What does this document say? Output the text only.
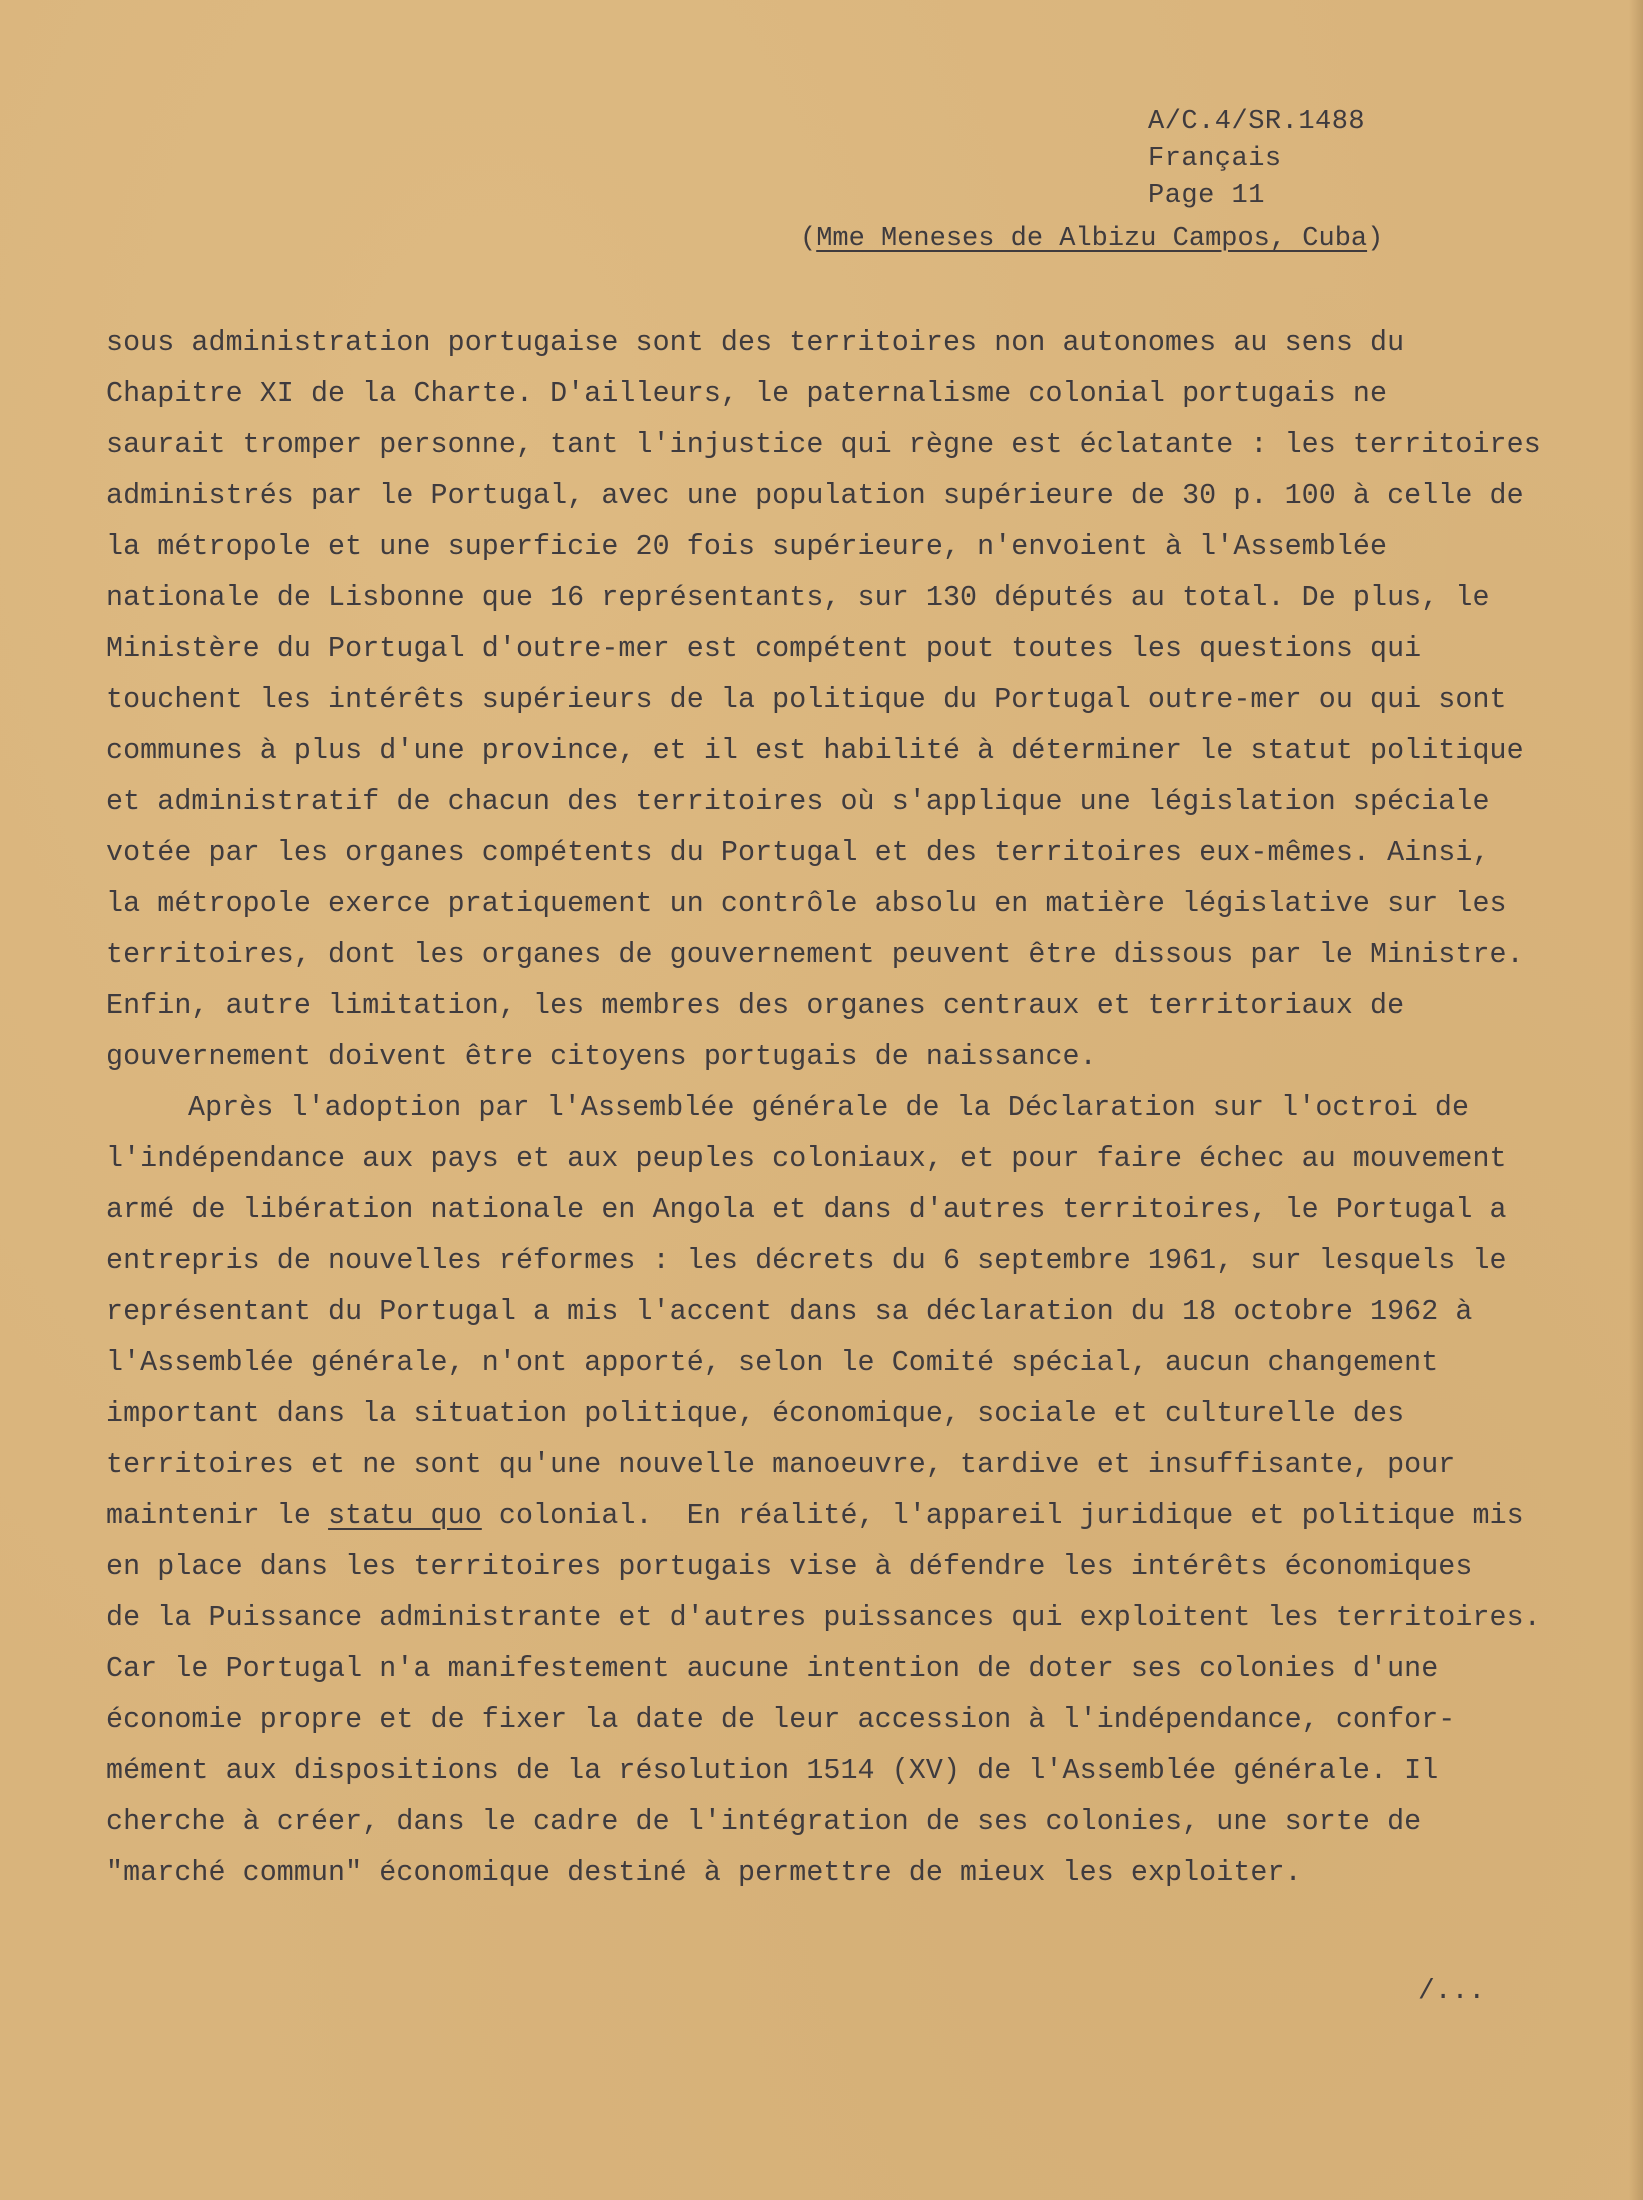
A/C.4/SR.1488
Français
Page 11
(Mme Meneses de Albizu Campos, Cuba)
sous administration portugaise sont des territoires non autonomes au sens du
Chapitre XI de la Charte. D'ailleurs, le paternalisme colonial portugais ne
saurait tromper personne, tant l'injustice qui règne est éclatante : les territoires
administrés par le Portugal, avec une population supérieure de 30 p. 100 à celle de
la métropole et une superficie 20 fois supérieure, n'envoient à l'Assemblée
nationale de Lisbonne que 16 représentants, sur 130 députés au total. De plus, le
Ministère du Portugal d'outre-mer est compétent pout toutes les questions qui
touchent les intérêts supérieurs de la politique du Portugal outre-mer ou qui sont
communes à plus d'une province, et il est habilité à déterminer le statut politique
et administratif de chacun des territoires où s'applique une législation spéciale
votée par les organes compétents du Portugal et des territoires eux-mêmes. Ainsi,
la métropole exerce pratiquement un contrôle absolu en matière législative sur les
territoires, dont les organes de gouvernement peuvent être dissous par le Ministre.
Enfin, autre limitation, les membres des organes centraux et territoriaux de
gouvernement doivent être citoyens portugais de naissance.
Après l'adoption par l'Assemblée générale de la Déclaration sur l'octroi de
l'indépendance aux pays et aux peuples coloniaux, et pour faire échec au mouvement
armé de libération nationale en Angola et dans d'autres territoires, le Portugal a
entrepris de nouvelles réformes : les décrets du 6 septembre 1961, sur lesquels le
représentant du Portugal a mis l'accent dans sa déclaration du 18 octobre 1962 à
l'Assemblée générale, n'ont apporté, selon le Comité spécial, aucun changement
important dans la situation politique, économique, sociale et culturelle des
territoires et ne sont qu'une nouvelle manoeuvre, tardive et insuffisante, pour
maintenir le statu quo colonial.  En réalité, l'appareil juridique et politique mis
en place dans les territoires portugais vise à défendre les intérêts économiques
de la Puissance administrante et d'autres puissances qui exploitent les territoires.
Car le Portugal n'a manifestement aucune intention de doter ses colonies d'une
économie propre et de fixer la date de leur accession à l'indépendance, confor-
mément aux dispositions de la résolution 1514 (XV) de l'Assemblée générale. Il
cherche à créer, dans le cadre de l'intégration de ses colonies, une sorte de
"marché commun" économique destiné à permettre de mieux les exploiter.
/...
